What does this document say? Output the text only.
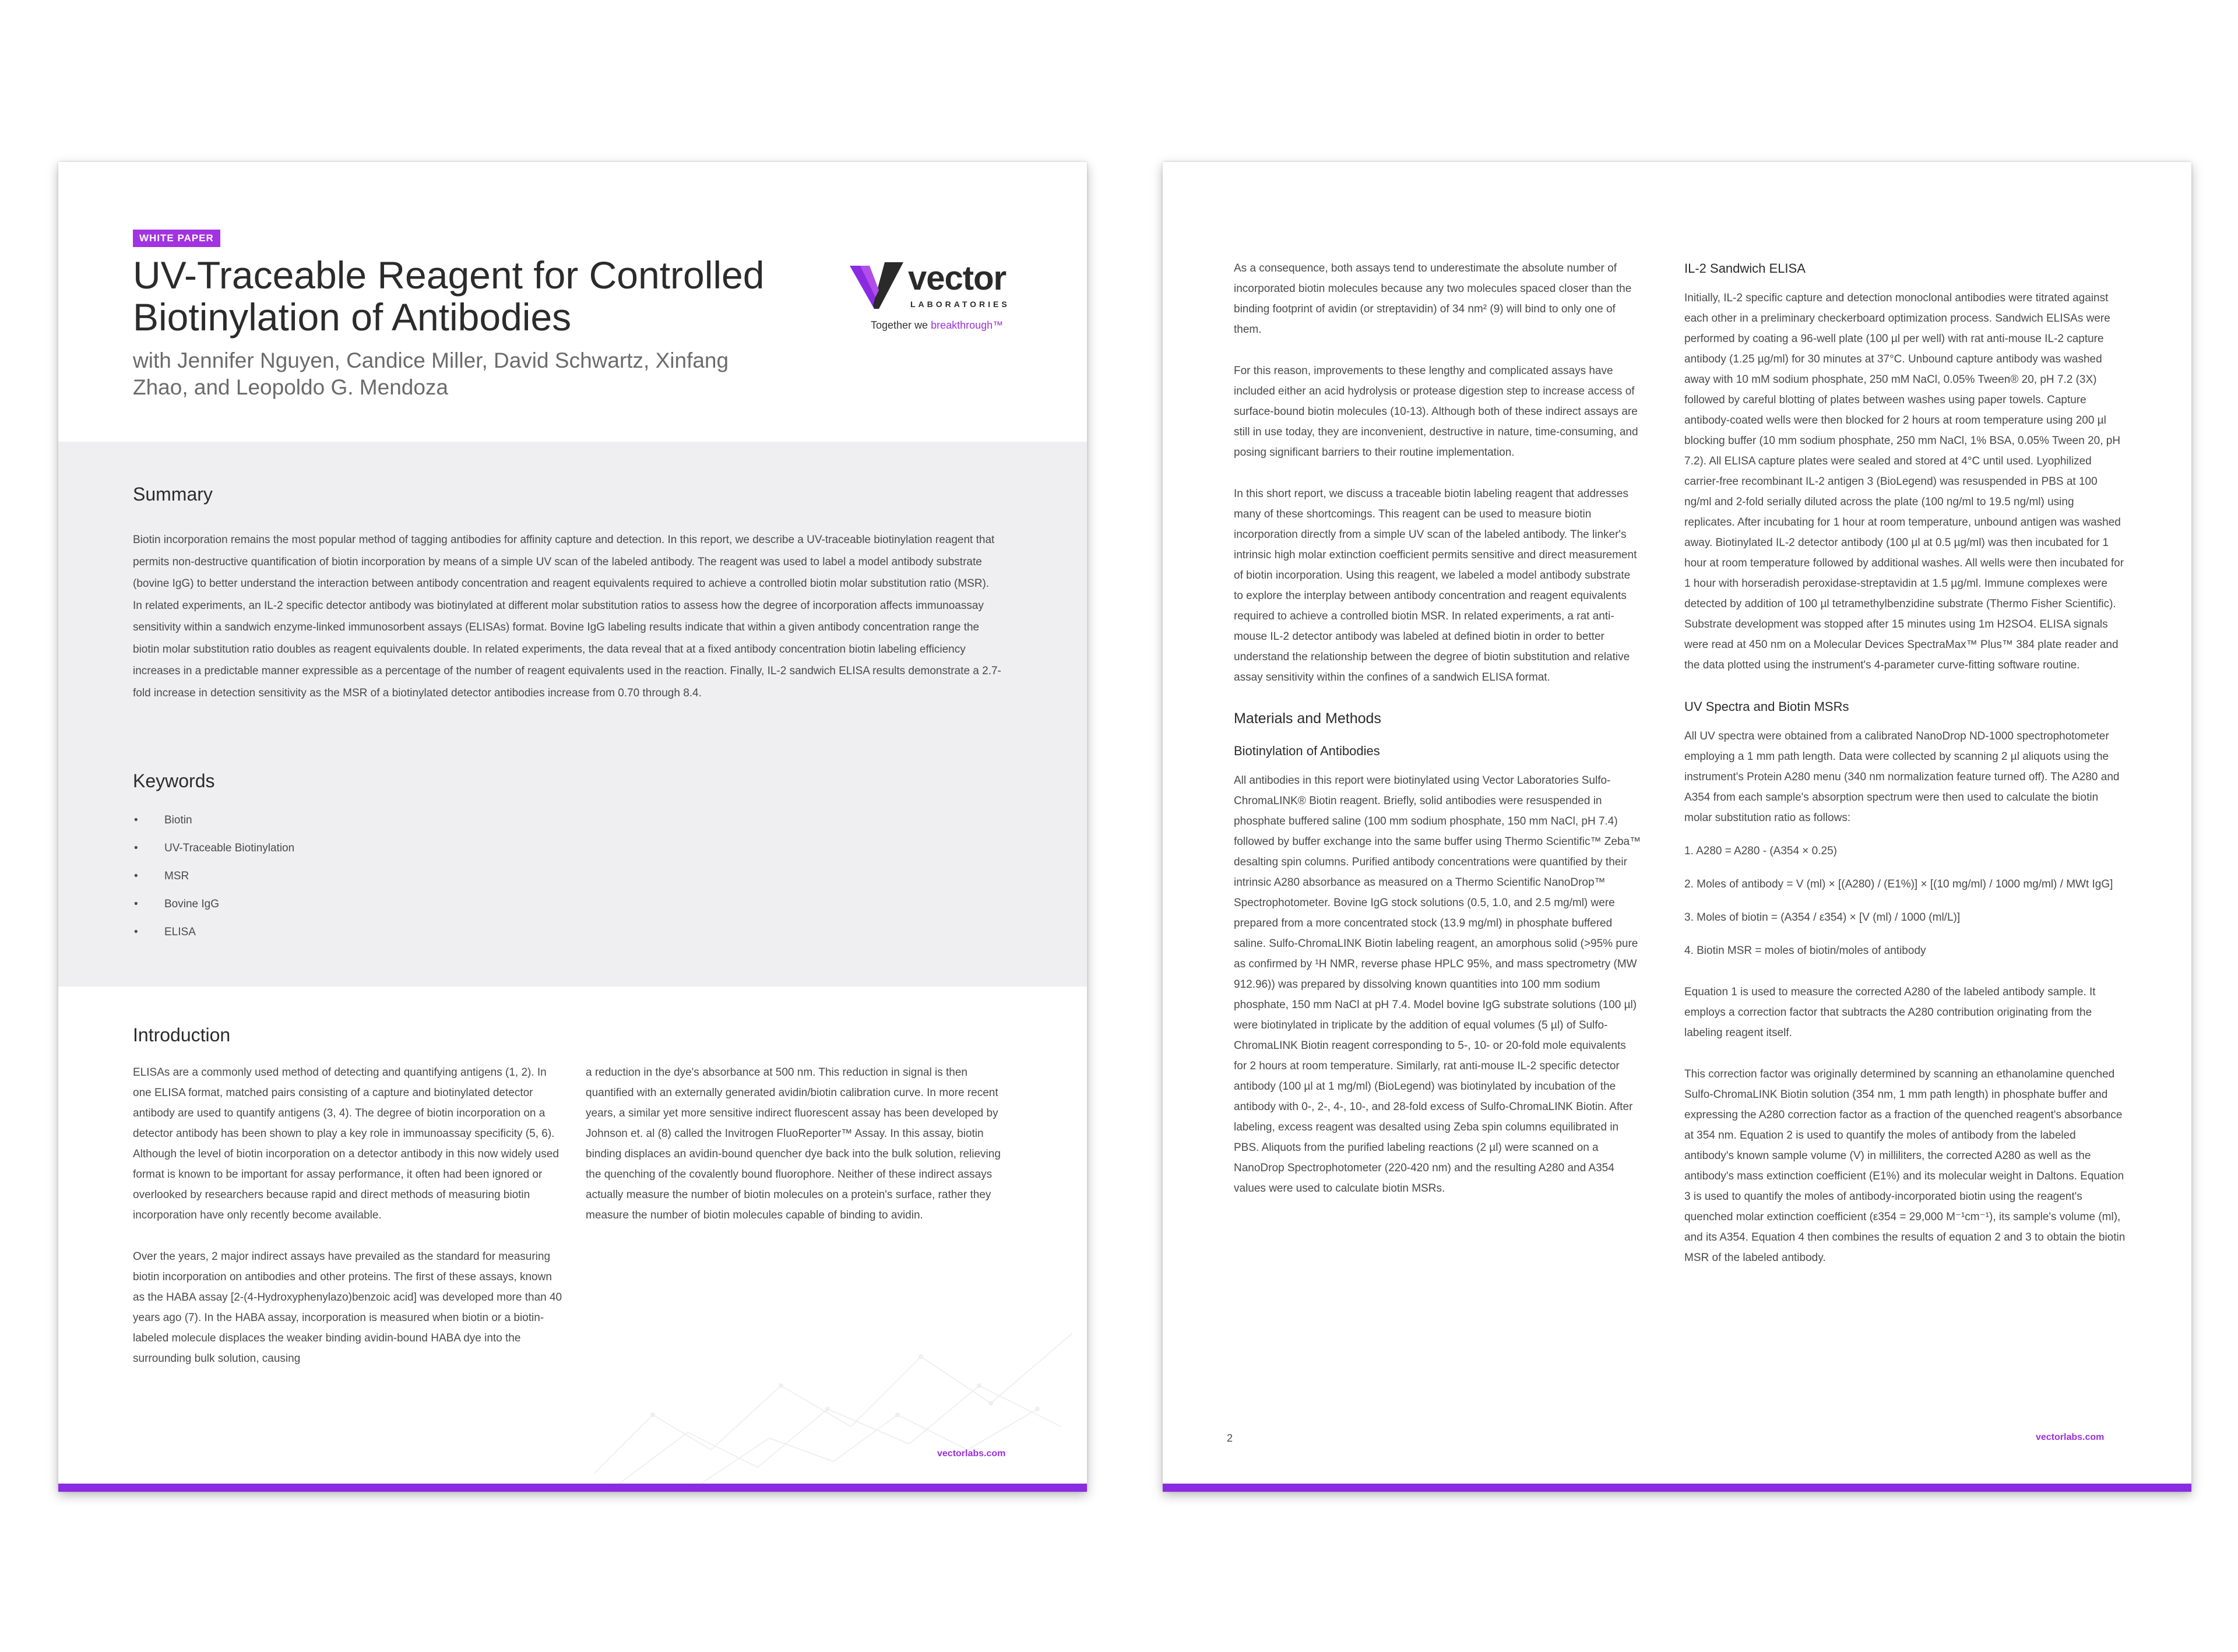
WHITE PAPER
UV-Traceable Reagent for Controlled Biotinylation of Antibodies
with Jennifer Nguyen, Candice Miller, David Schwartz, Xinfang Zhao, and Leopoldo G. Mendoza
vector
LABORATORIES
Together we breakthrough™
Summary

Biotin incorporation remains the most popular method of tagging antibodies for affinity capture and detection. In this report, we describe a UV-traceable biotinylation reagent that permits non-destructive quantification of biotin incorporation by means of a simple UV scan of the labeled antibody. The reagent was used to label a model antibody substrate (bovine IgG) to better understand the interaction between antibody concentration and reagent equivalents required to achieve a controlled biotin molar substitution ratio (MSR). In related experiments, an IL-2 specific detector antibody was biotinylated at different molar substitution ratios to assess how the degree of incorporation affects immunoassay sensitivity within a sandwich enzyme-linked immunosorbent assays (ELISAs) format. Bovine IgG labeling results indicate that within a given antibody concentration range the biotin molar substitution ratio doubles as reagent equivalents double. In related experiments, the data reveal that at a fixed antibody concentration biotin labeling efficiency increases in a predictable manner expressible as a percentage of the number of reagent equivalents used in the reaction. Finally, IL-2 sandwich ELISA results demonstrate a 2.7-fold increase in detection sensitivity as the MSR of a biotinylated detector antibodies increase from 0.70 through 8.4.

Keywords
• Biotin
• UV-Traceable Biotinylation
• MSR
• Bovine IgG
• ELISA
Introduction

ELISAs are a commonly used method of detecting and quantifying antigens (1, 2). In one ELISA format, matched pairs consisting of a capture and biotinylated detector antibody are used to quantify antigens (3, 4). The degree of biotin incorporation on a detector antibody has been shown to play a key role in immunoassay specificity (5, 6). Although the level of biotin incorporation on a detector antibody in this now widely used format is known to be important for assay performance, it often had been ignored or overlooked by researchers because rapid and direct methods of measuring biotin incorporation have only recently become available.

Over the years, 2 major indirect assays have prevailed as the standard for measuring biotin incorporation on antibodies and other proteins. The first of these assays, known as the HABA assay [2-(4-Hydroxyphenylazo)benzoic acid] was developed more than 40 years ago (7). In the HABA assay, incorporation is measured when biotin or a biotin-labeled molecule displaces the weaker binding avidin-bound HABA dye into the surrounding bulk solution, causing

a reduction in the dye's absorbance at 500 nm. This reduction in signal is then quantified with an externally generated avidin/biotin calibration curve. In more recent years, a similar yet more sensitive indirect fluorescent assay has been developed by Johnson et. al (8) called the Invitrogen FluoReporter™ Assay. In this assay, biotin binding displaces an avidin-bound quencher dye back into the bulk solution, relieving the quenching of the covalently bound fluorophore. Neither of these indirect assays actually measure the number of biotin molecules on a protein's surface, rather they measure the number of biotin molecules capable of binding to avidin.

vectorlabs.com

As a consequence, both assays tend to underestimate the absolute number of incorporated biotin molecules because any two molecules spaced closer than the binding footprint of avidin (or streptavidin) of 34 nm² (9) will bind to only one of them.

For this reason, improvements to these lengthy and complicated assays have included either an acid hydrolysis or protease digestion step to increase access of surface-bound biotin molecules (10-13). Although both of these indirect assays are still in use today, they are inconvenient, destructive in nature, time-consuming, and posing significant barriers to their routine implementation.

In this short report, we discuss a traceable biotin labeling reagent that addresses many of these shortcomings. This reagent can be used to measure biotin incorporation directly from a simple UV scan of the labeled antibody. The linker's intrinsic high molar extinction coefficient permits sensitive and direct measurement of biotin incorporation. Using this reagent, we labeled a model antibody substrate to explore the interplay between antibody concentration and reagent equivalents required to achieve a controlled biotin MSR. In related experiments, a rat anti-mouse IL-2 detector antibody was labeled at defined biotin in order to better understand the relationship between the degree of biotin substitution and relative assay sensitivity within the confines of a sandwich ELISA format.

Materials and Methods
Biotinylation of Antibodies

All antibodies in this report were biotinylated using Vector Laboratories Sulfo-ChromaLINK® Biotin reagent. Briefly, solid antibodies were resuspended in phosphate buffered saline (100 mm sodium phosphate, 150 mm NaCl, pH 7.4) followed by buffer exchange into the same buffer using Thermo Scientific™ Zeba™ desalting spin columns. Purified antibody concentrations were quantified by their intrinsic A280 absorbance as measured on a Thermo Scientific NanoDrop™ Spectrophotometer. Bovine IgG stock solutions (0.5, 1.0, and 2.5 mg/ml) were prepared from a more concentrated stock (13.9 mg/ml) in phosphate buffered saline. Sulfo-ChromaLINK Biotin labeling reagent, an amorphous solid (>95% pure as confirmed by ¹H NMR, reverse phase HPLC 95%, and mass spectrometry (MW 912.96)) was prepared by dissolving known quantities into 100 mm sodium phosphate, 150 mm NaCl at pH 7.4. Model bovine IgG substrate solutions (100 µl) were biotinylated in triplicate by the addition of equal volumes (5 µl) of Sulfo-ChromaLINK Biotin reagent corresponding to 5-, 10- or 20-fold mole equivalents for 2 hours at room temperature. Similarly, rat anti-mouse IL-2 specific detector antibody (100 µl at 1 mg/ml) (BioLegend) was biotinylated by incubation of the antibody with 0-, 2-, 4-, 10-, and 28-fold excess of Sulfo-ChromaLINK Biotin. After labeling, excess reagent was desalted using Zeba spin columns equilibrated in PBS. Aliquots from the purified labeling reactions (2 µl) were scanned on a NanoDrop Spectrophotometer (220-420 nm) and the resulting A280 and A354 values were used to calculate biotin MSRs.

IL-2 Sandwich ELISA

Initially, IL-2 specific capture and detection monoclonal antibodies were titrated against each other in a preliminary checkerboard optimization process. Sandwich ELISAs were performed by coating a 96-well plate (100 µl per well) with rat anti-mouse IL-2 capture antibody (1.25 µg/ml) for 30 minutes at 37°C. Unbound capture antibody was washed away with 10 mM sodium phosphate, 250 mM NaCl, 0.05% Tween® 20, pH 7.2 (3X) followed by careful blotting of plates between washes using paper towels. Capture antibody-coated wells were then blocked for 2 hours at room temperature using 200 µl blocking buffer (10 mm sodium phosphate, 250 mm NaCl, 1% BSA, 0.05% Tween 20, pH 7.2). All ELISA capture plates were sealed and stored at 4°C until used. Lyophilized carrier-free recombinant IL-2 antigen 3 (BioLegend) was resuspended in PBS at 100 ng/ml and 2-fold serially diluted across the plate (100 ng/ml to 19.5 ng/ml) using replicates. After incubating for 1 hour at room temperature, unbound antigen was washed away. Biotinylated IL-2 detector antibody (100 µl at 0.5 µg/ml) was then incubated for 1 hour at room temperature followed by additional washes. All wells were then incubated for 1 hour with horseradish peroxidase-streptavidin at 1.5 µg/ml. Immune complexes were detected by addition of 100 µl tetramethylbenzidine substrate (Thermo Fisher Scientific). Substrate development was stopped after 15 minutes using 1m H2SO4. ELISA signals were read at 450 nm on a Molecular Devices SpectraMax™ Plus™ 384 plate reader and the data plotted using the instrument's 4-parameter curve-fitting software routine.

UV Spectra and Biotin MSRs

All UV spectra were obtained from a calibrated NanoDrop ND-1000 spectrophotometer employing a 1 mm path length. Data were collected by scanning 2 µl aliquots using the instrument's Protein A280 menu (340 nm normalization feature turned off). The A280 and A354 from each sample's absorption spectrum were then used to calculate the biotin molar substitution ratio as follows:

1. A280 = A280 - (A354 × 0.25)
2. Moles of antibody = V (ml) × [(A280) / (E1%)] × [(10 mg/ml) / 1000 mg/ml) / MWt IgG]
3. Moles of biotin = (A354 / ε354) × [V (ml) / 1000 (ml/L)]
4. Biotin MSR = moles of biotin/moles of antibody

Equation 1 is used to measure the corrected A280 of the labeled antibody sample. It employs a correction factor that subtracts the A280 contribution originating from the labeling reagent itself.

This correction factor was originally determined by scanning an ethanolamine quenched Sulfo-ChromaLINK Biotin solution (354 nm, 1 mm path length) in phosphate buffer and expressing the A280 correction factor as a fraction of the quenched reagent's absorbance at 354 nm. Equation 2 is used to quantify the moles of antibody from the labeled antibody's known sample volume (V) in milliliters, the corrected A280 as well as the antibody's mass extinction coefficient (E1%) and its molecular weight in Daltons. Equation 3 is used to quantify the moles of antibody-incorporated biotin using the reagent's quenched molar extinction coefficient (ε354 = 29,000 M⁻¹cm⁻¹), its sample's volume (ml), and its A354. Equation 4 then combines the results of equation 2 and 3 to obtain the biotin MSR of the labeled antibody.

2	vectorlabs.com
